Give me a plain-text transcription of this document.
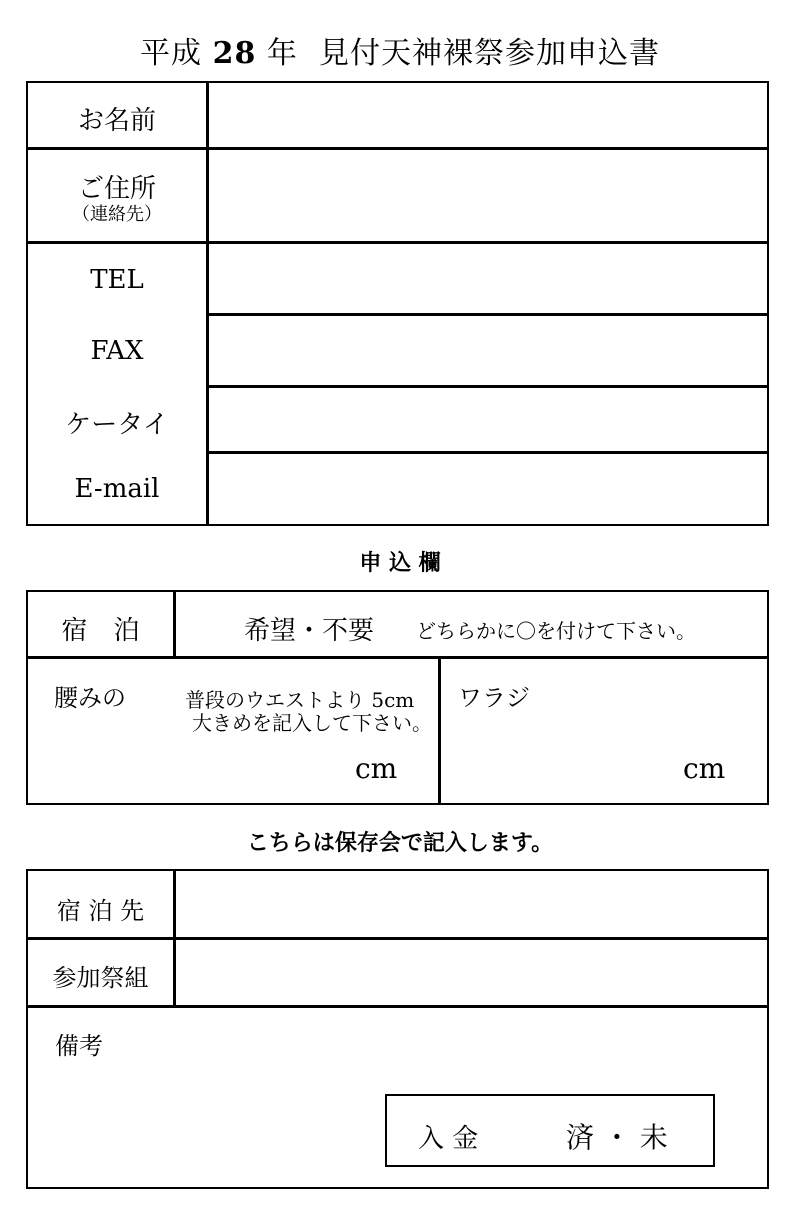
平成 28 年 見付天神裸祭参加申込書
お名前
ご住所
（連絡先）
TEL
FAX
ケータイ
E-mail
申 込 欄
宿　泊	希望・不要 どちらかに〇を付けて下さい。
腰みの	普段のウエストより 5cm
大きめを記入して下さい。
cm
ワラジ
cm
こちらは保存会で記入します。
宿 泊 先
参加祭組
備考
入 金	済 ・ 未
